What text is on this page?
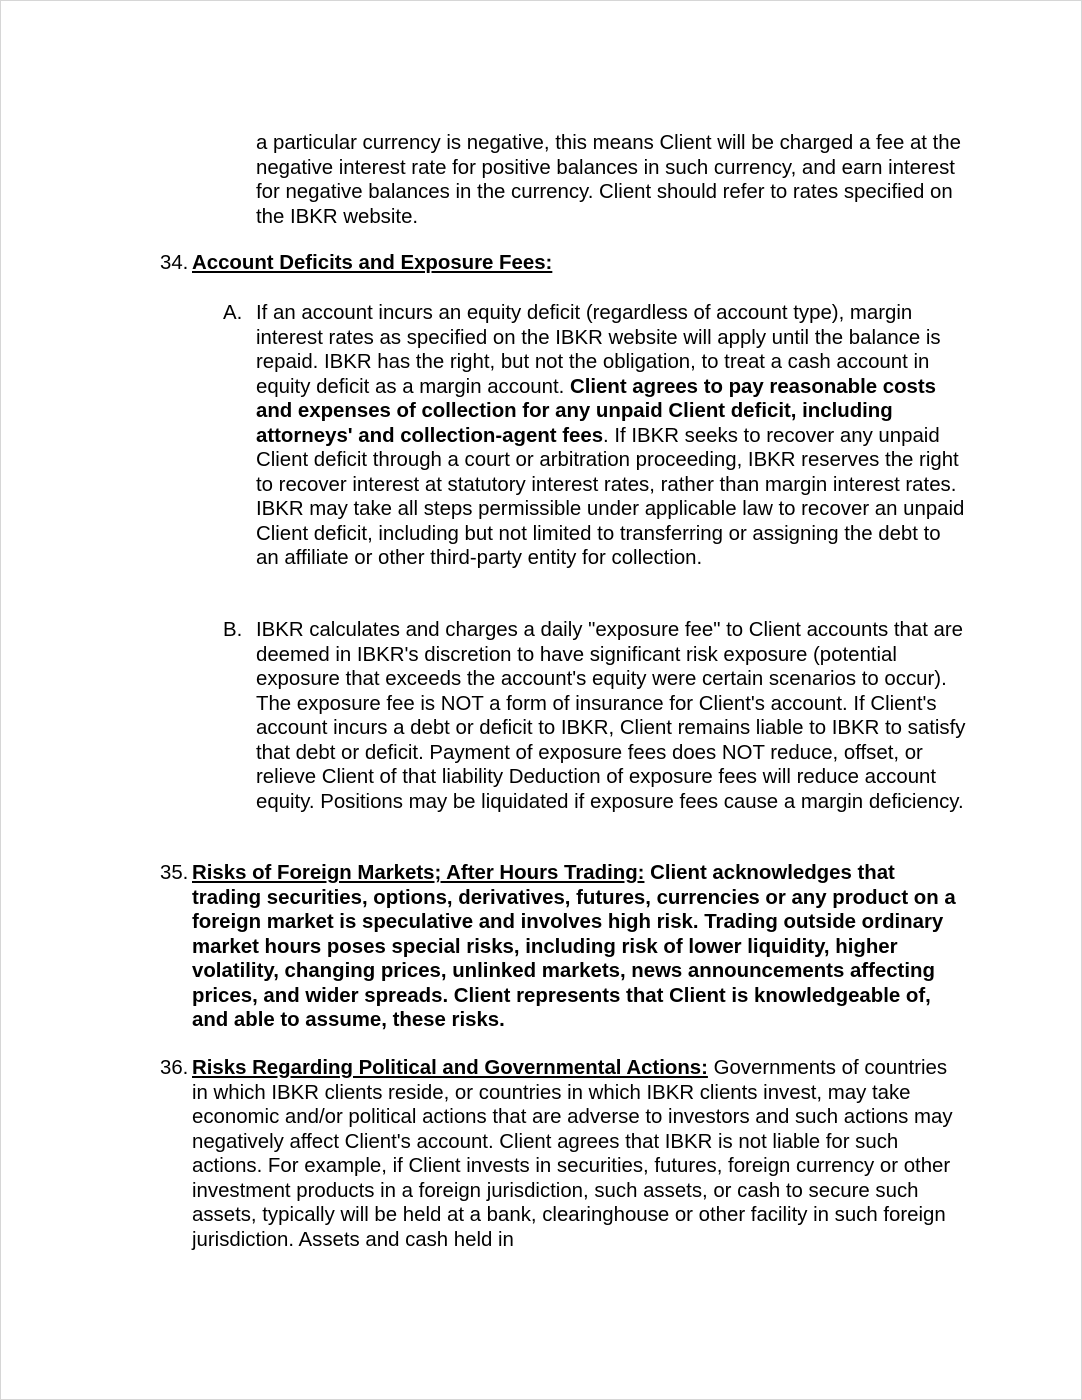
a particular currency is negative, this means Client will be charged a fee at the negative interest rate for positive balances in such currency, and earn interest for negative balances in the currency. Client should refer to rates specified on the IBKR website.

34. Account Deficits and Exposure Fees:

A. If an account incurs an equity deficit (regardless of account type), margin interest rates as specified on the IBKR website will apply until the balance is repaid. IBKR has the right, but not the obligation, to treat a cash account in equity deficit as a margin account. Client agrees to pay reasonable costs and expenses of collection for any unpaid Client deficit, including attorneys' and collection-agent fees. If IBKR seeks to recover any unpaid Client deficit through a court or arbitration proceeding, IBKR reserves the right to recover interest at statutory interest rates, rather than margin interest rates. IBKR may take all steps permissible under applicable law to recover an unpaid Client deficit, including but not limited to transferring or assigning the debt to an affiliate or other third-party entity for collection.

B. IBKR calculates and charges a daily "exposure fee" to Client accounts that are deemed in IBKR's discretion to have significant risk exposure (potential exposure that exceeds the account's equity were certain scenarios to occur). The exposure fee is NOT a form of insurance for Client's account. If Client's account incurs a debt or deficit to IBKR, Client remains liable to IBKR to satisfy that debt or deficit. Payment of exposure fees does NOT reduce, offset, or relieve Client of that liability Deduction of exposure fees will reduce account equity. Positions may be liquidated if exposure fees cause a margin deficiency.

35. Risks of Foreign Markets; After Hours Trading: Client acknowledges that trading securities, options, derivatives, futures, currencies or any product on a foreign market is speculative and involves high risk. Trading outside ordinary market hours poses special risks, including risk of lower liquidity, higher volatility, changing prices, unlinked markets, news announcements affecting prices, and wider spreads. Client represents that Client is knowledgeable of, and able to assume, these risks.

36. Risks Regarding Political and Governmental Actions: Governments of countries in which IBKR clients reside, or countries in which IBKR clients invest, may take economic and/or political actions that are adverse to investors and such actions may negatively affect Client's account. Client agrees that IBKR is not liable for such actions. For example, if Client invests in securities, futures, foreign currency or other investment products in a foreign jurisdiction, such assets, or cash to secure such assets, typically will be held at a bank, clearinghouse or other facility in such foreign jurisdiction. Assets and cash held in
